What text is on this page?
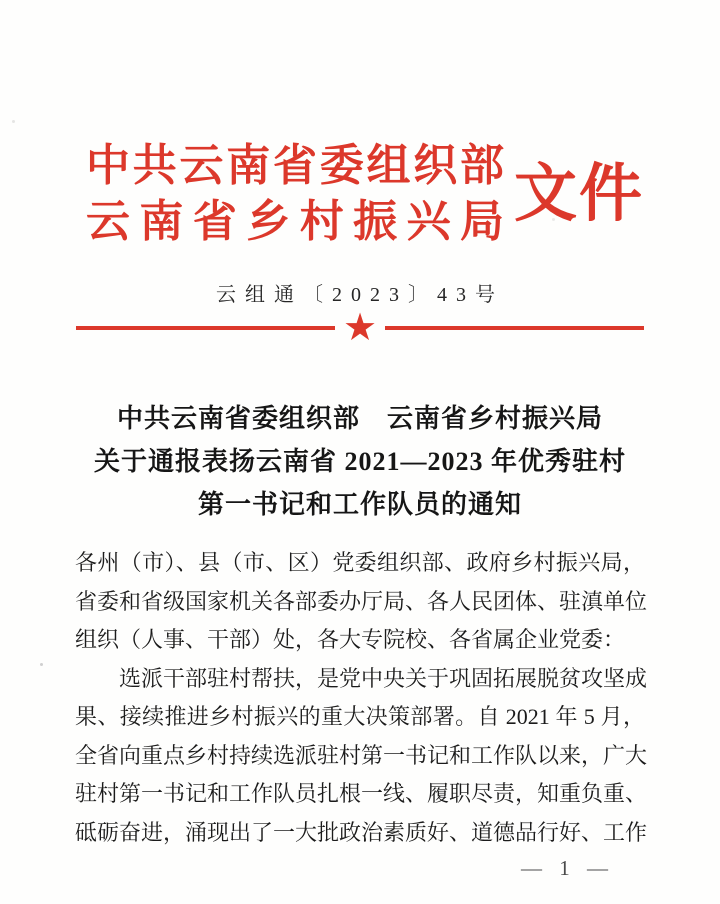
中共云南省委组织部
云南省乡村振兴局 文件
云组通〔2023〕43号
★
中共云南省委组织部　云南省乡村振兴局
关于通报表扬云南省 2021—2023 年优秀驻村
第一书记和工作队员的通知
各州（市）、县（市、区）党委组织部、政府乡村振兴局，
省委和省级国家机关各部委办厅局、各人民团体、驻滇单位
组织（人事、干部）处，各大专院校、各省属企业党委：
选派干部驻村帮扶，是党中央关于巩固拓展脱贫攻坚成
果、接续推进乡村振兴的重大决策部署。自 2021 年 5 月，
全省向重点乡村持续选派驻村第一书记和工作队以来，广大
驻村第一书记和工作队员扎根一线、履职尽责，知重负重、
砥砺奋进，涌现出了一大批政治素质好、道德品行好、工作
— 1 —
